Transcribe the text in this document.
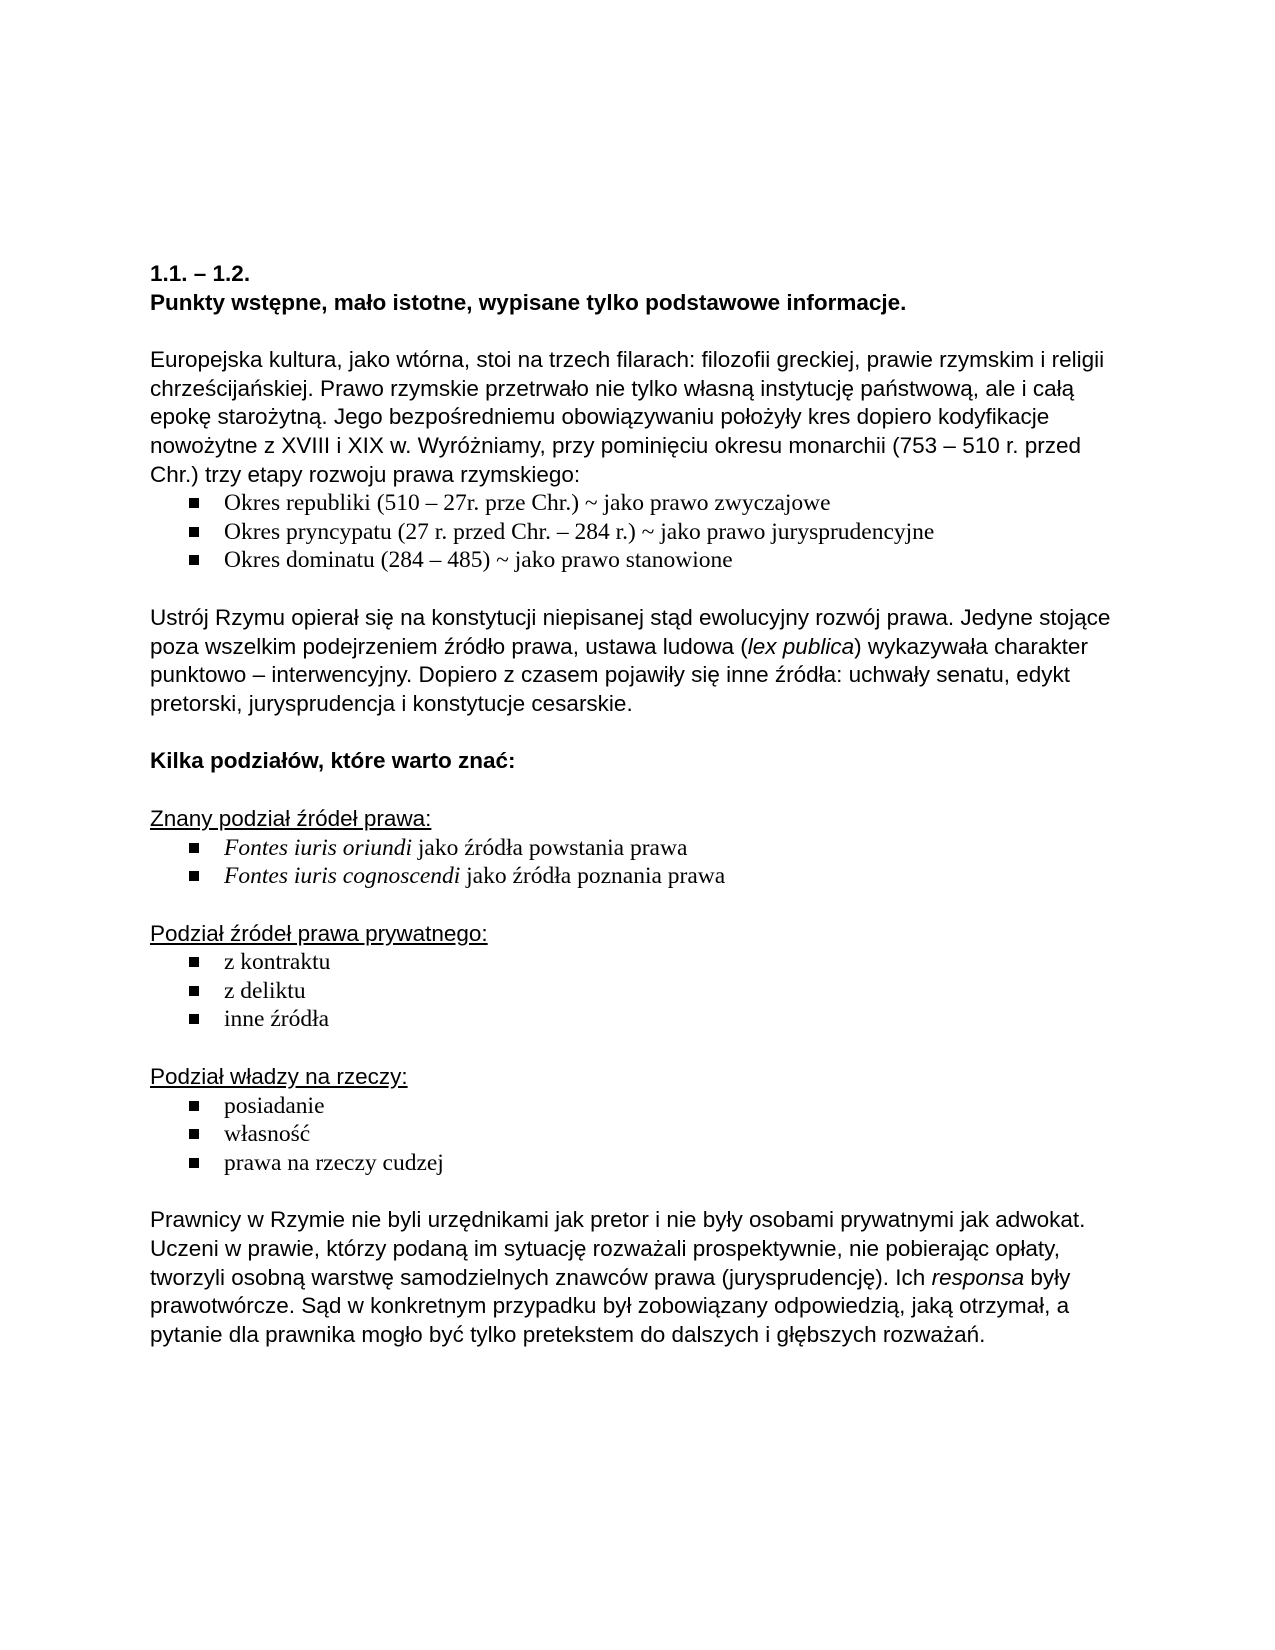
1.1. – 1.2.

Punkty wstępne, mało istotne, wypisane tylko podstawowe informacje.

Europejska kultura, jako wtórna, stoi na trzech filarach: filozofii greckiej, prawie rzymskim i religii chrześcijańskiej. Prawo rzymskie przetrwało nie tylko własną instytucję państwową, ale i całą epokę starożytną. Jego bezpośredniemu obowiązywaniu położyły kres dopiero kodyfikacje nowożytne z XVIII i XIX w. Wyróżniamy, przy pominięciu okresu monarchii (753 – 510 r. przed Chr.) trzy etapy rozwoju prawa rzymskiego:

Okres republiki (510 – 27r. prze Chr.) ~ jako prawo zwyczajowe
Okres pryncypatu (27 r. przed Chr. – 284 r.) ~ jako prawo jurysprudencyjne
Okres dominatu (284 – 485) ~ jako prawo stanowione

Ustrój Rzymu opierał się na konstytucji niepisanej stąd ewolucyjny rozwój prawa. Jedyne stojące poza wszelkim podejrzeniem źródło prawa, ustawa ludowa (lex publica) wykazywała charakter punktowo – interwencyjny. Dopiero z czasem pojawiły się inne źródła: uchwały senatu, edykt pretorski, jurysprudencja i konstytucje cesarskie.

Kilka podziałów, które warto znać:

Znany podział źródeł prawa:

Fontes iuris oriundi jako źródła powstania prawa
Fontes iuris cognoscendi jako źródła poznania prawa

Podział źródeł prawa prywatnego:

z kontraktu
z deliktu
inne źródła

Podział władzy na rzeczy:

posiadanie
własność
prawa na rzeczy cudzej

Prawnicy w Rzymie nie byli urzędnikami jak pretor i nie były osobami prywatnymi jak adwokat. Uczeni w prawie, którzy podaną im sytuację rozważali prospektywnie, nie pobierając opłaty, tworzyli osobną warstwę samodzielnych znawców prawa (jurysprudencję). Ich responsa były prawotwórcze. Sąd w konkretnym przypadku był zobowiązany odpowiedzią, jaką otrzymał, a pytanie dla prawnika mogło być tylko pretekstem do dalszych i głębszych rozważań.
